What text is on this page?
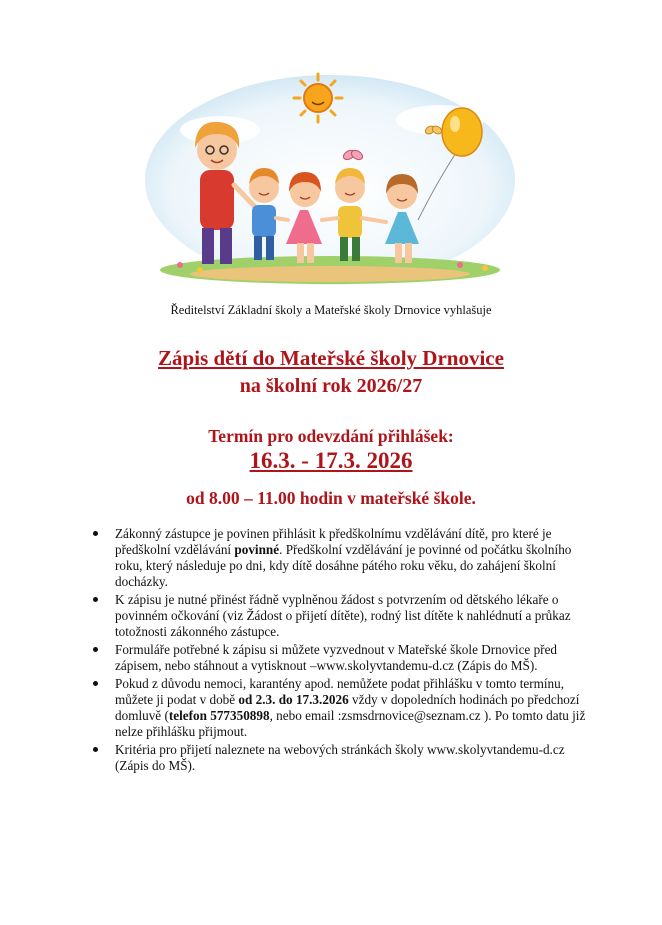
Ředitelství Základní školy a Mateřské školy Drnovice vyhlašuje
Zápis dětí do Mateřské školy Drnovice
na školní rok 2026/27
Termín pro odevzdání přihlášek:
16.3. - 17.3. 2026
od 8.00 – 11.00 hodin v mateřské škole.
Zákonný zástupce je povinen přihlásit k předškolnímu vzdělávání dítě, pro které je předškolní vzdělávání povinné. Předškolní vzdělávání je povinné od počátku školního roku, který následuje po dni, kdy dítě dosáhne pátého roku věku, do zahájení školní docházky.
K zápisu je nutné přinést řádně vyplněnou žádost s potvrzením od dětského lékaře o povinném očkování (viz Žádost o přijetí dítěte), rodný list dítěte k nahlédnutí a průkaz totožnosti zákonného zástupce.
Formuláře potřebné k zápisu si můžete vyzvednout v Mateřské škole Drnovice před zápisem, nebo stáhnout a vytisknout –www.skolyvtandemu-d.cz (Zápis do MŠ).
Pokud z důvodu nemoci, karantény apod. nemůžete podat přihlášku v tomto termínu, můžete ji podat v době od 2.3. do 17.3.2026 vždy v dopoledních hodinách po předchozí domluvě (telefon 577350898, nebo email :zsmsdrnovice@seznam.cz ). Po tomto datu již nelze přihlášku přijmout.
Kritéria pro přijetí naleznete na webových stránkách školy www.skolyvtandemu-d.cz (Zápis do MŠ).
